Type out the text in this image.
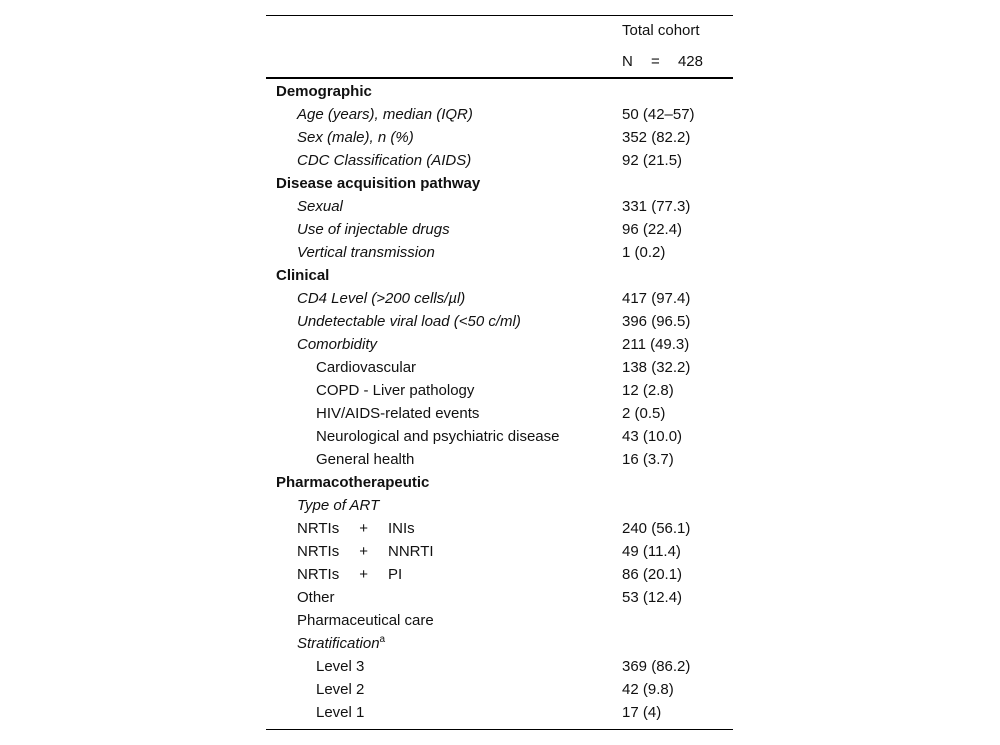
Total cohort
N = 428
Demographic
Age (years), median (IQR)	50 (42–57)
Sex (male), n (%)	352 (82.2)
CDC Classification (AIDS)	92 (21.5)
Disease acquisition pathway
Sexual	331 (77.3)
Use of injectable drugs	96 (22.4)
Vertical transmission	1 (0.2)
Clinical
CD4 Level (>200 cells/µl)	417 (97.4)
Undetectable viral load (<50 c/ml)	396 (96.5)
Comorbidity	211 (49.3)
Cardiovascular	138 (32.2)
COPD - Liver pathology	12 (2.8)
HIV/AIDS-related events	2 (0.5)
Neurological and psychiatric disease	43 (10.0)
General health	16 (3.7)
Pharmacotherapeutic
Type of ART
NRTIs + INIs	240 (56.1)
NRTIs + NNRTI	49 (11.4)
NRTIs + PI	86 (20.1)
Other	53 (12.4)
Pharmaceutical care
Stratification$^a$
Level 3	369 (86.2)
Level 2	42 (9.8)
Level 1	17 (4)
